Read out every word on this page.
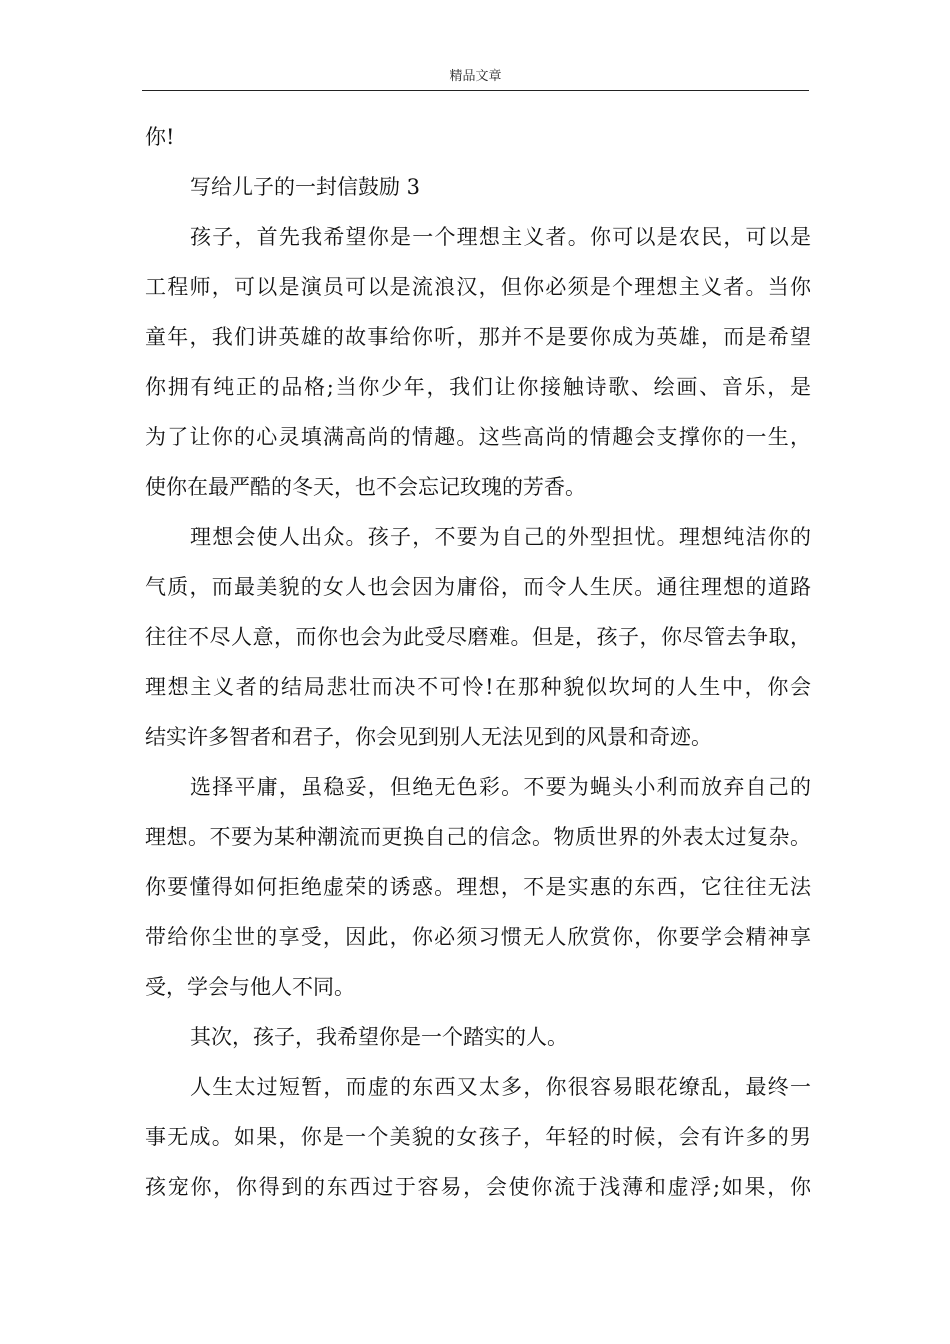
精品文章
你!
写给儿子的一封信鼓励 3
孩子，首先我希望你是一个理想主义者。你可以是农民，可以是
工程师，可以是演员可以是流浪汉，但你必须是个理想主义者。当你
童年，我们讲英雄的故事给你听，那并不是要你成为英雄，而是希望
你拥有纯正的品格;当你少年，我们让你接触诗歌、绘画、音乐，是
为了让你的心灵填满高尚的情趣。这些高尚的情趣会支撑你的一生，
使你在最严酷的冬天，也不会忘记玫瑰的芳香。
理想会使人出众。孩子，不要为自己的外型担忧。理想纯洁你的
气质，而最美貌的女人也会因为庸俗，而令人生厌。通往理想的道路
往往不尽人意，而你也会为此受尽磨难。但是，孩子，你尽管去争取，
理想主义者的结局悲壮而决不可怜!在那种貌似坎坷的人生中，你会
结实许多智者和君子，你会见到别人无法见到的风景和奇迹。
选择平庸，虽稳妥，但绝无色彩。不要为蝇头小利而放弃自己的
理想。不要为某种潮流而更换自己的信念。物质世界的外表太过复杂。
你要懂得如何拒绝虚荣的诱惑。理想，不是实惠的东西，它往往无法
带给你尘世的享受，因此，你必须习惯无人欣赏你，你要学会精神享
受，学会与他人不同。
其次，孩子，我希望你是一个踏实的人。
人生太过短暂，而虚的东西又太多，你很容易眼花缭乱，最终一
事无成。如果，你是一个美貌的女孩子，年轻的时候，会有许多的男
孩宠你，你得到的东西过于容易，会使你流于浅薄和虚浮;如果，你
